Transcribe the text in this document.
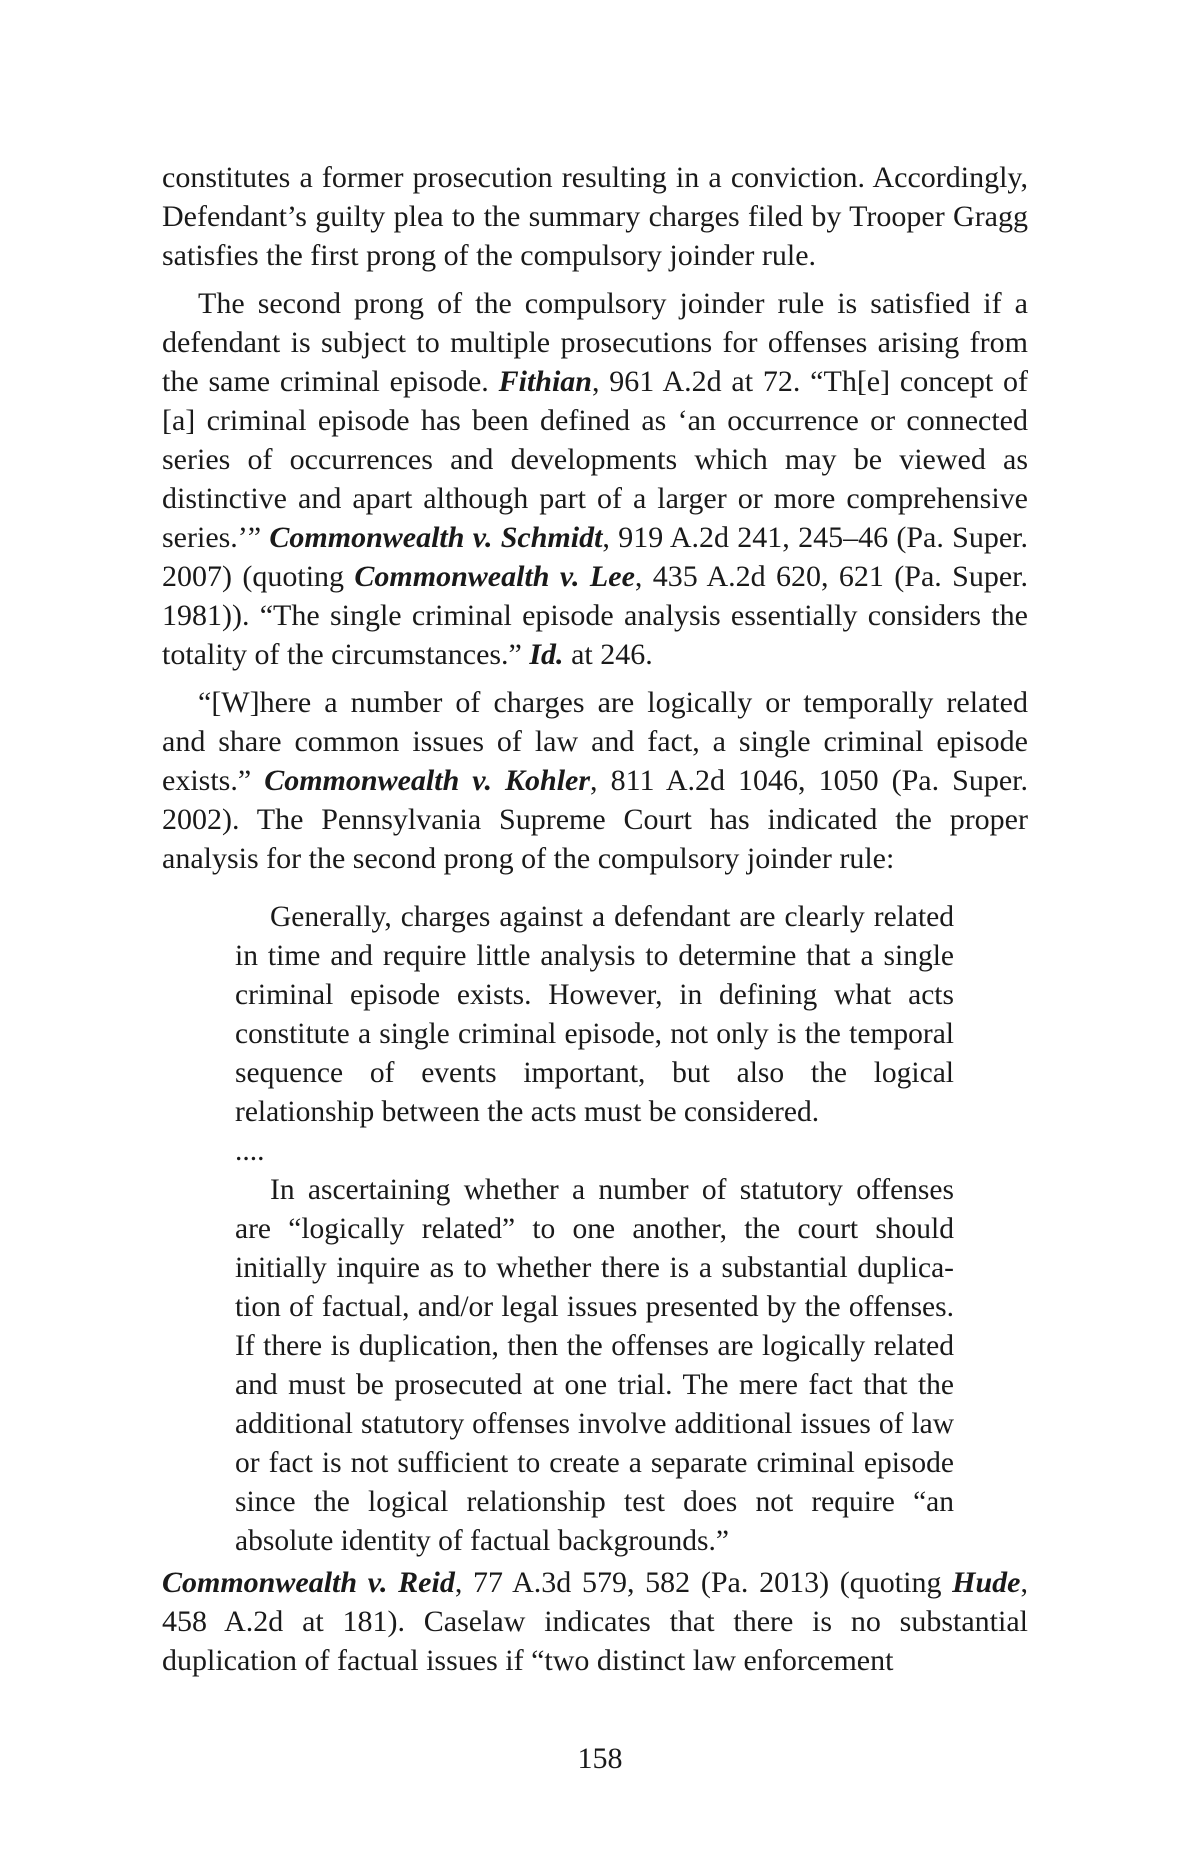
constitutes a former prosecution resulting in a conviction. Accordingly, Defendant’s guilty plea to the summary charges filed by Trooper Gragg satisfies the first prong of the compulsory joinder rule.

The second prong of the compulsory joinder rule is satisfied if a defendant is subject to multiple prosecutions for offenses arising from the same criminal episode. Fithian, 961 A.2d at 72. “Th[e] concept of [a] criminal episode has been defined as ‘an occurrence or connected series of occurrences and developments which may be viewed as distinctive and apart although part of a larger or more comprehensive series.’” Commonwealth v. Schmidt, 919 A.2d 241, 245–46 (Pa. Super. 2007) (quoting Commonwealth v. Lee, 435 A.2d 620, 621 (Pa. Super. 1981)). “The single criminal episode analysis essentially considers the totality of the circumstances.” Id. at 246.

“[W]here a number of charges are logically or temporally related and share common issues of law and fact, a single criminal episode exists.” Commonwealth v. Kohler, 811 A.2d 1046, 1050 (Pa. Super. 2002). The Pennsylvania Supreme Court has indicated the proper analysis for the second prong of the compulsory joinder rule:

Generally, charges against a defendant are clearly related in time and require little analysis to determine that a single criminal episode exists. However, in defining what acts constitute a single criminal episode, not only is the temporal sequence of events important, but also the logical relationship between the acts must be considered.

....

In ascertaining whether a number of statutory offenses are “logically related” to one another, the court should initially inquire as to whether there is a substantial duplication of factual, and/or legal issues presented by the offenses. If there is duplication, then the offenses are logically related and must be prosecuted at one trial. The mere fact that the additional statutory offenses involve additional issues of law or fact is not sufficient to create a separate criminal episode since the logical relationship test does not require “an absolute identity of factual backgrounds.”

Commonwealth v. Reid, 77 A.3d 579, 582 (Pa. 2013) (quoting Hude, 458 A.2d at 181). Caselaw indicates that there is no substantial duplication of factual issues if “two distinct law enforcement

158
